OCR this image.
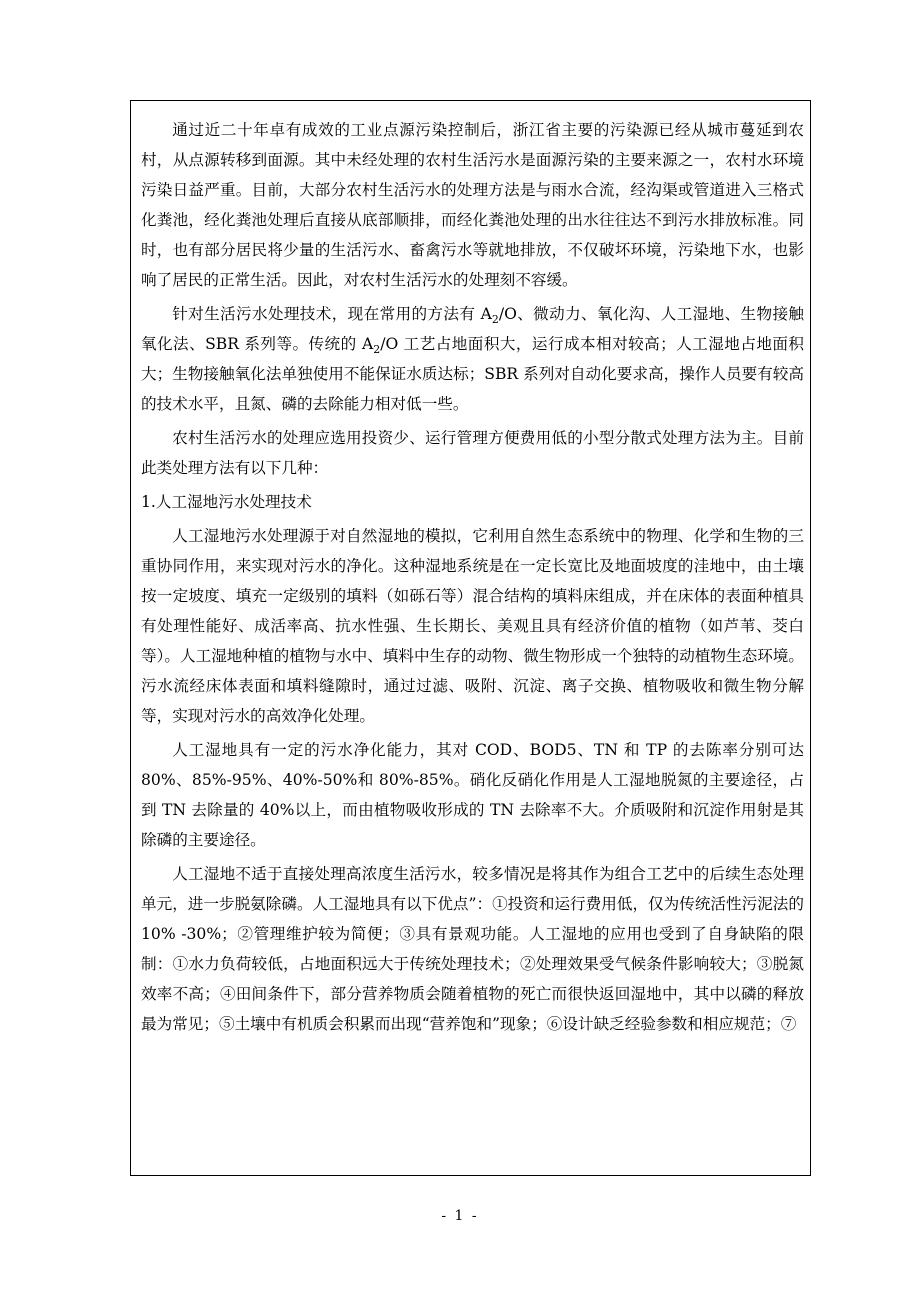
通过近二十年卓有成效的工业点源污染控制后，浙江省主要的污染源已经从城市蔓延到农村，从点源转移到面源。其中未经处理的农村生活污水是面源污染的主要来源之一，农村水环境污染日益严重。目前，大部分农村生活污水的处理方法是与雨水合流，经沟渠或管道进入三格式化粪池，经化粪池处理后直接从底部顺排，而经化粪池处理的出水往往达不到污水排放标准。同时，也有部分居民将少量的生活污水、畜禽污水等就地排放，不仅破坏环境，污染地下水，也影响了居民的正常生活。因此，对农村生活污水的处理刻不容缓。

针对生活污水处理技术，现在常用的方法有 $A_2/O$、微动力、氧化沟、人工湿地、生物接触氧化法、SBR 系列等。传统的 $A_2/O$ 工艺占地面积大，运行成本相对较高；人工湿地占地面积大；生物接触氧化法单独使用不能保证水质达标；SBR 系列对自动化要求高，操作人员要有较高的技术水平，且氮、磷的去除能力相对低一些。

农村生活污水的处理应选用投资少、运行管理方便费用低的小型分散式处理方法为主。目前此类处理方法有以下几种：

1.人工湿地污水处理技术

人工湿地污水处理源于对自然湿地的模拟，它利用自然生态系统中的物理、化学和生物的三重协同作用，来实现对污水的净化。这种湿地系统是在一定长宽比及地面坡度的洼地中，由土壤按一定坡度、填充一定级别的填料（如砾石等）混合结构的填料床组成，并在床体的表面种植具有处理性能好、成活率高、抗水性强、生长期长、美观且具有经济价值的植物（如芦苇、茭白等）。人工湿地种植的植物与水中、填料中生存的动物、微生物形成一个独特的动植物生态环境。污水流经床体表面和填料缝隙时，通过过滤、吸附、沉淀、离子交换、植物吸收和微生物分解等，实现对污水的高效净化处理。

人工湿地具有一定的污水净化能力，其对 COD、BOD5、TN 和 TP 的去陈率分别可达 80%、85%-95%、40%-50%和 80%-85%。硝化反硝化作用是人工湿地脱氮的主要途径，占到 TN 去除量的 40%以上，而由植物吸收形成的 TN 去除率不大。介质吸附和沉淀作用射是其除磷的主要途径。

人工湿地不适于直接处理高浓度生活污水，较多情况是将其作为组合工艺中的后续生态处理单元，进一步脱氨除磷。人工湿地具有以下优点”：①投资和运行费用低，仅为传统活性污泥法的 10% -30%；②管理维护较为简便；③具有景观功能。人工湿地的应用也受到了自身缺陷的限制：①水力负荷较低，占地面积远大于传统处理技术；②处理效果受气候条件影响较大；③脱氮效率不高；④田间条件下，部分营养物质会随着植物的死亡而很快返回湿地中，其中以磷的释放最为常见；⑤土壤中有机质会积累而出现“营养饱和”现象；⑥设计缺乏经验参数和相应规范；⑦

- 1 -
